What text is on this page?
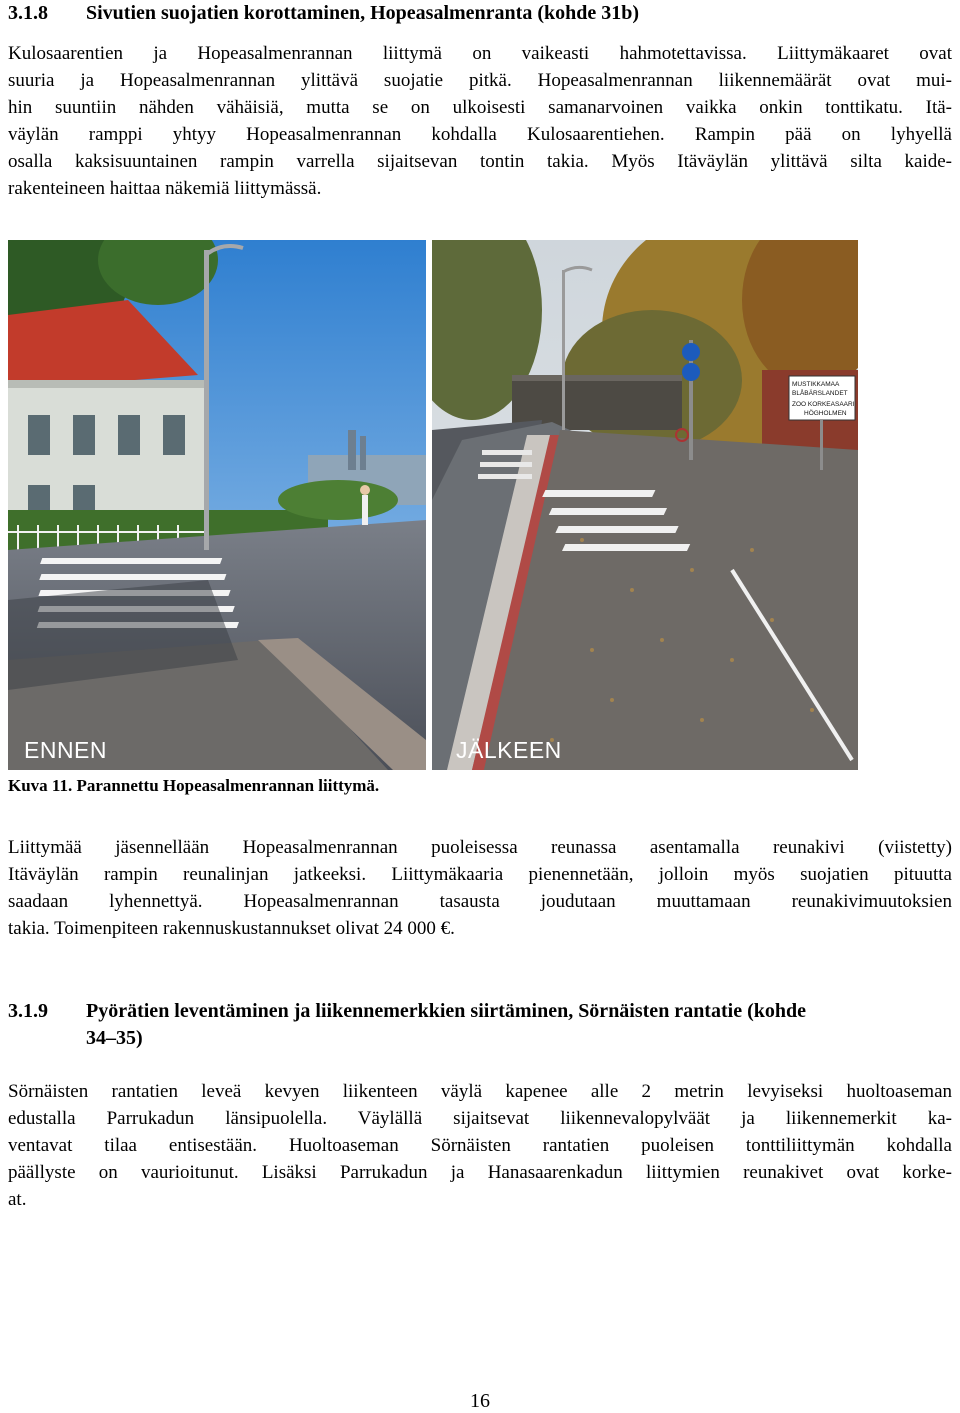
3.1.8 Sivutien suojatien korottaminen, Hopeasalmenranta (kohde 31b)
Kulosaarentien ja Hopeasalmenrannan liittymä on vaikeasti hahmotettavissa. Liittymäkaaret ovat
suuria ja Hopeasalmenrannan ylittävä suojatie pitkä. Hopeasalmenrannan liikennemäärät ovat mui-
hin suuntiin nähden vähäisiä, mutta se on ulkoisesti samanarvoinen vaikka onkin tonttikatu. Itä-
väylän ramppi yhtyy Hopeasalmenrannan kohdalla Kulosaarentiehen. Rampin pää on lyhyellä
osalla kaksisuuntainen rampin varrella sijaitsevan tontin takia. Myös Itäväylän ylittävä silta kaide-
rakenteineen haittaa näkemiä liittymässä.
ENNEN
MUSTIKKAMAA
BLÅBÄRSLANDET
ZOO KORKEASAARI
HÖGHOLMEN
JÄLKEEN
Kuva 11. Parannettu Hopeasalmenrannan liittymä.
Liittymää jäsennellään Hopeasalmenrannan puoleisessa reunassa asentamalla reunakivi (viistetty)
Itäväylän rampin reunalinjan jatkeeksi. Liittymäkaaria pienennetään, jolloin myös suojatien pituutta
saadaan lyhennettyä. Hopeasalmenrannan tasausta joudutaan muuttamaan reunakivimuutoksien
takia. Toimenpiteen rakennuskustannukset olivat 24 000 €.
3.1.9 Pyörätien leventäminen ja liikennemerkkien siirtäminen, Sörnäisten rantatie (kohde
34–35)
Sörnäisten rantatien leveä kevyen liikenteen väylä kapenee alle 2 metrin levyiseksi huoltoaseman
edustalla Parrukadun länsipuolella. Väylällä sijaitsevat liikennevalopylväät ja liikennemerkit ka-
ventavat tilaa entisestään. Huoltoaseman Sörnäisten rantatien puoleisen tonttiliittymän kohdalla
päällyste on vaurioitunut. Lisäksi Parrukadun ja Hanasaarenkadun liittymien reunakivet ovat korke-
at.
16
